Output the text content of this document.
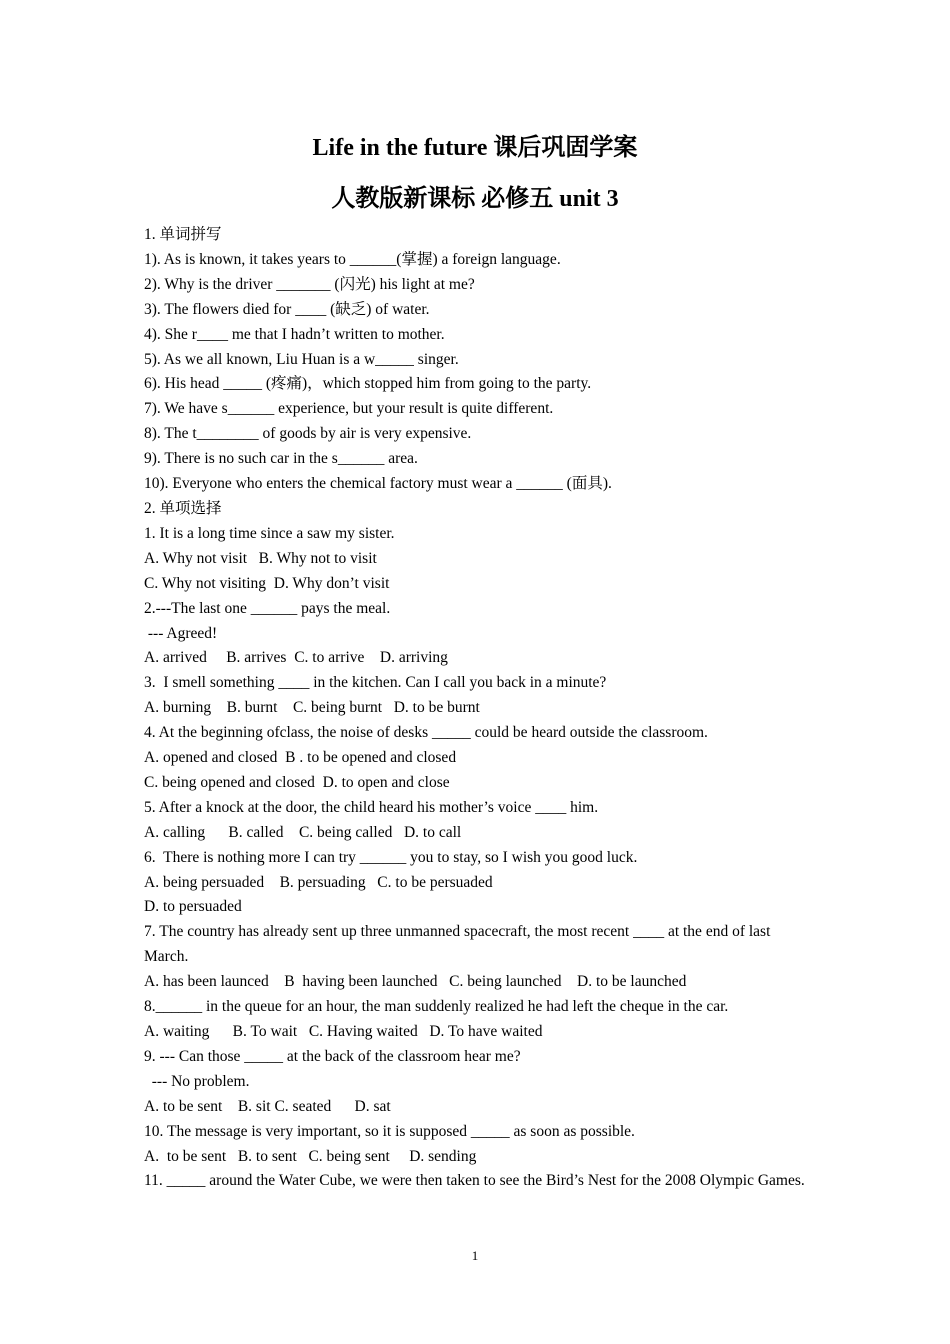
Life in the future 课后巩固学案
人教版新课标 必修五 unit 3
1. 单词拼写
1). As is known, it takes years to ______(掌握) a foreign language.
2). Why is the driver _______ (闪光) his light at me?
3). The flowers died for ____ (缺乏) of water.
4). She r____ me that I hadn’t written to mother.
5). As we all known, Liu Huan is a w_____ singer.
6). His head _____ (疼痛)，which stopped him from going to the party.
7). We have s______ experience, but your result is quite different.
8). The t________ of goods by air is very expensive.
9). There is no such car in the s______ area.
10). Everyone who enters the chemical factory must wear a ______ (面具).
2. 单项选择
1. It is a long time since a saw my sister.
A. Why not visit   B. Why not to visit
C. Why not visiting  D. Why don’t visit
2.---The last one ______ pays the meal.
--- Agreed!
A. arrived     B. arrives  C. to arrive    D. arriving
3.  I smell something ____ in the kitchen. Can I call you back in a minute?
A. burning    B. burnt    C. being burnt   D. to be burnt
4. At the beginning ofclass, the noise of desks _____ could be heard outside the classroom.
A. opened and closed  B . to be opened and closed
C. being opened and closed  D. to open and close
5. After a knock at the door, the child heard his mother’s voice ____ him.
A. calling      B. called    C. being called   D. to call
6.  There is nothing more I can try ______ you to stay, so I wish you good luck.
A. being persuaded    B. persuading   C. to be persuaded
D. to persuaded
7. The country has already sent up three unmanned spacecraft, the most recent ____ at the end of last March.
A. has been launced    B  having been launched   C. being launched    D. to be launched
8.______ in the queue for an hour, the man suddenly realized he had left the cheque in the car.
A. waiting      B. To wait   C. Having waited   D. To have waited
9. --- Can those _____ at the back of the classroom hear me?
--- No problem.
A. to be sent    B. sit C. seated      D. sat
10. The message is very important, so it is supposed _____ as soon as possible.
A.  to be sent   B. to sent   C. being sent     D. sending
11. _____ around the Water Cube, we were then taken to see the Bird’s Nest for the 2008 Olympic Games.
1
